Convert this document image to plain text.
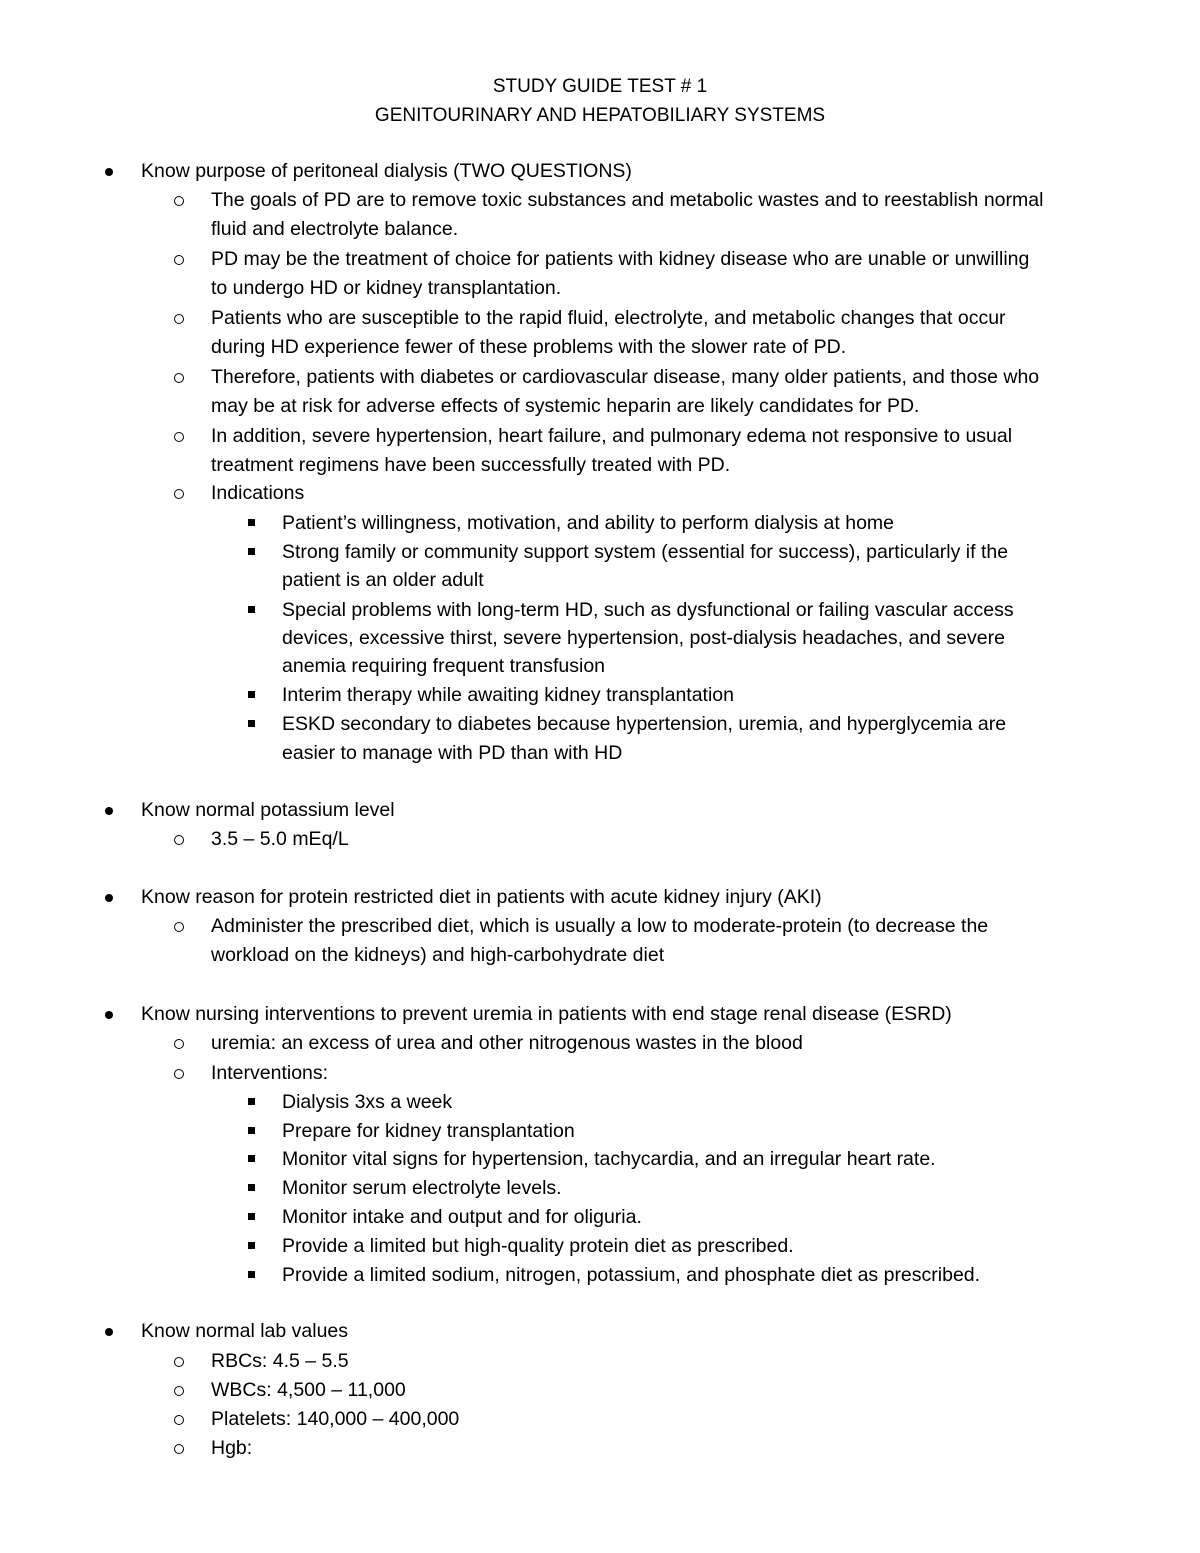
STUDY GUIDE TEST # 1
GENITOURINARY AND HEPATOBILIARY SYSTEMS
Know purpose of peritoneal dialysis (TWO QUESTIONS)
The goals of PD are to remove toxic substances and metabolic wastes and to reestablish normal
fluid and electrolyte balance.
PD may be the treatment of choice for patients with kidney disease who are unable or unwilling
to undergo HD or kidney transplantation.
Patients who are susceptible to the rapid fluid, electrolyte, and metabolic changes that occur
during HD experience fewer of these problems with the slower rate of PD.
Therefore, patients with diabetes or cardiovascular disease, many older patients, and those who
may be at risk for adverse effects of systemic heparin are likely candidates for PD.
In addition, severe hypertension, heart failure, and pulmonary edema not responsive to usual
treatment regimens have been successfully treated with PD.
Indications
Patient’s willingness, motivation, and ability to perform dialysis at home
Strong family or community support system (essential for success), particularly if the
patient is an older adult
Special problems with long-term HD, such as dysfunctional or failing vascular access
devices, excessive thirst, severe hypertension, post-dialysis headaches, and severe
anemia requiring frequent transfusion
Interim therapy while awaiting kidney transplantation
ESKD secondary to diabetes because hypertension, uremia, and hyperglycemia are
easier to manage with PD than with HD
Know normal potassium level
3.5 – 5.0 mEq/L
Know reason for protein restricted diet in patients with acute kidney injury (AKI)
Administer the prescribed diet, which is usually a low to moderate-protein (to decrease the
workload on the kidneys) and high-carbohydrate diet
Know nursing interventions to prevent uremia in patients with end stage renal disease (ESRD)
uremia: an excess of urea and other nitrogenous wastes in the blood
Interventions:
Dialysis 3xs a week
Prepare for kidney transplantation
Monitor vital signs for hypertension, tachycardia, and an irregular heart rate.
Monitor serum electrolyte levels.
Monitor intake and output and for oliguria.
Provide a limited but high-quality protein diet as prescribed.
Provide a limited sodium, nitrogen, potassium, and phosphate diet as prescribed.
Know normal lab values
RBCs: 4.5 – 5.5
WBCs: 4,500 – 11,000
Platelets: 140,000 – 400,000
Hgb:
